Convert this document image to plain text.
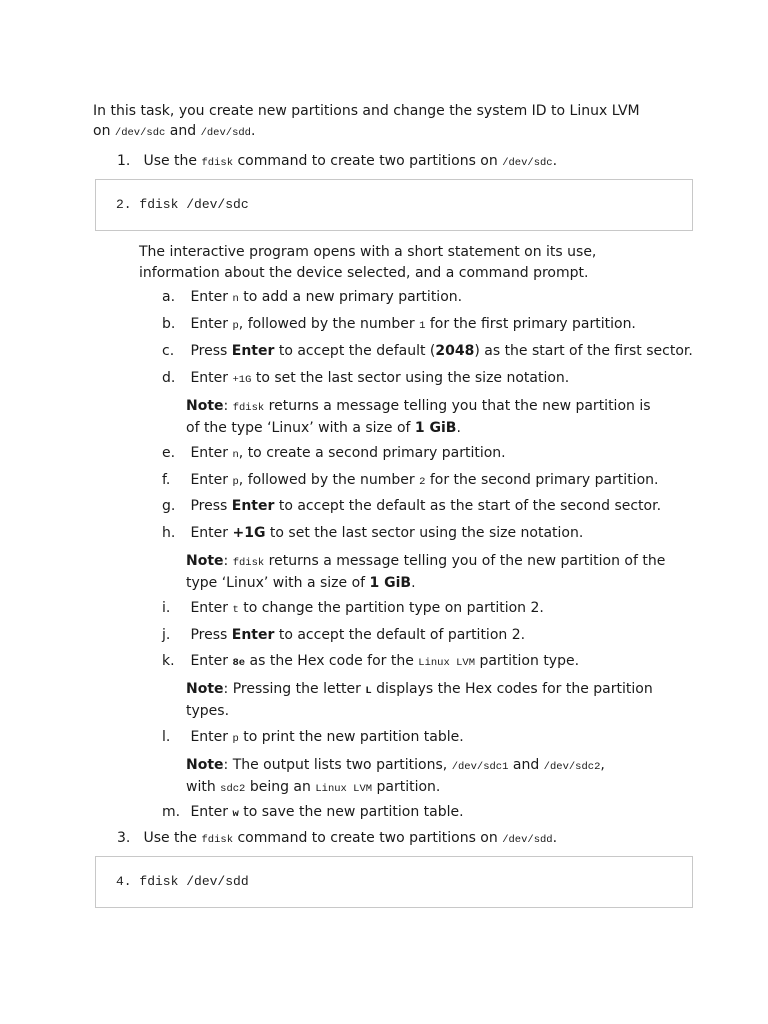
In this task, you create new partitions and change the system ID to Linux LVM
on /dev/sdc and /dev/sdd.
1. Use the fdisk command to create two partitions on /dev/sdc.
2. fdisk /dev/sdc
The interactive program opens with a short statement on its use, information about the device selected, and a command prompt.
a. Enter n to add a new primary partition.
b. Enter p, followed by the number 1 for the first primary partition.
c. Press Enter to accept the default (2048) as the start of the first sector.
d. Enter +1G to set the last sector using the size notation.
Note: fdisk returns a message telling you that the new partition is of the type ‘Linux’ with a size of 1 GiB.
e. Enter n, to create a second primary partition.
f. Enter p, followed by the number 2 for the second primary partition.
g. Press Enter to accept the default as the start of the second sector.
h. Enter +1G to set the last sector using the size notation.
Note: fdisk returns a message telling you of the new partition of the type ‘Linux’ with a size of 1 GiB.
i. Enter t to change the partition type on partition 2.
j. Press Enter to accept the default of partition 2.
k. Enter 8e as the Hex code for the Linux LVM partition type.
Note: Pressing the letter L displays the Hex codes for the partition types.
l. Enter p to print the new partition table.
Note: The output lists two partitions, /dev/sdc1 and /dev/sdc2,
with sdc2 being an Linux LVM partition.
m. Enter w to save the new partition table.
3. Use the fdisk command to create two partitions on /dev/sdd.
4. fdisk /dev/sdd
